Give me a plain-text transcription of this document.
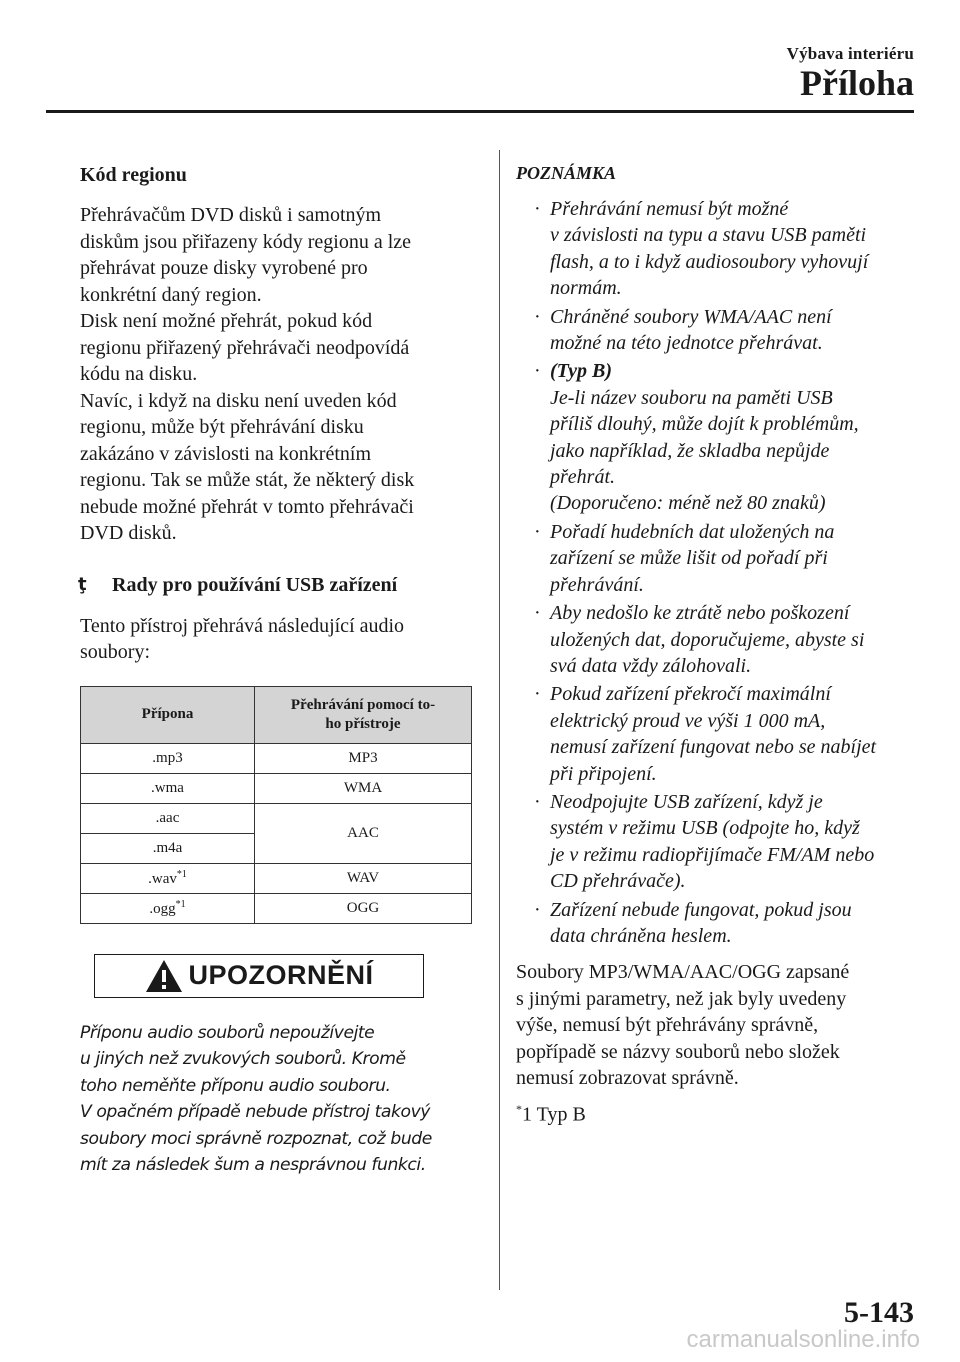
Výbava interiéru
Příloha
Kód regionu

Přehrávačům DVD disků i samotným
diskům jsou přiřazeny kódy regionu a lze
přehrávat pouze disky vyrobené pro
konkrétní daný region.
Disk není možné přehrát, pokud kód
regionu přiřazený přehrávači neodpovídá
kódu na disku.
Navíc, i když na disku není uveden kód
regionu, může být přehrávání disku
zakázáno v závislosti na konkrétním
regionu. Tak se může stát, že některý disk
nebude možné přehrát v tomto přehrávači
DVD disků.

ţ Rady pro používání USB zařízení

Tento přístroj přehrává následující audio
soubory:

Přípona	Přehrávání pomocí to-
ho přístroje
.mp3	MP3
.wma	WMA
.aac	AAC
.m4a	
.wav$^{*1}$	WAV
.ogg$^{*1}$	OGG
UPOZORNĚNÍ
Příponu audio souborů nepoužívejte
u jiných než zvukových souborů. Kromě
toho neměňte příponu audio souboru.
V opačném případě nebude přístroj takový
soubory moci správně rozpoznat, což bude
mít za následek šum a nesprávnou funkci.
POZNÁMKA
· Přehrávání nemusí být možné
v závislosti na typu a stavu USB paměti
flash, a to i když audiosoubory vyhovují
normám.
· Chráněné soubory WMA/AAC není
možné na této jednotce přehrávat.
· (Typ B)
Je-li název souboru na paměti USB
příliš dlouhý, může dojít k problémům,
jako například, že skladba nepůjde
přehrát.
(Doporučeno: méně než 80 znaků)
· Pořadí hudebních dat uložených na
zařízení se může lišit od pořadí při
přehrávání.
· Aby nedošlo ke ztrátě nebo poškození
uložených dat, doporučujeme, abyste si
svá data vždy zálohovali.
· Pokud zařízení překročí maximální
elektrický proud ve výši 1 000 mA,
nemusí zařízení fungovat nebo se nabíjet
při připojení.
· Neodpojujte USB zařízení, když je
systém v režimu USB (odpojte ho, když
je v režimu radiopřijímače FM/AM nebo
CD přehrávače).
· Zařízení nebude fungovat, pokud jsou
data chráněna heslem.
Soubory MP3/WMA/AAC/OGG zapsané
s jinými parametry, než jak byly uvedeny
výše, nemusí být přehrávány správně,
popřípadě se názvy souborů nebo složek
nemusí zobrazovat správně.
*1 Typ B
5-143
carmanualsonline.info
